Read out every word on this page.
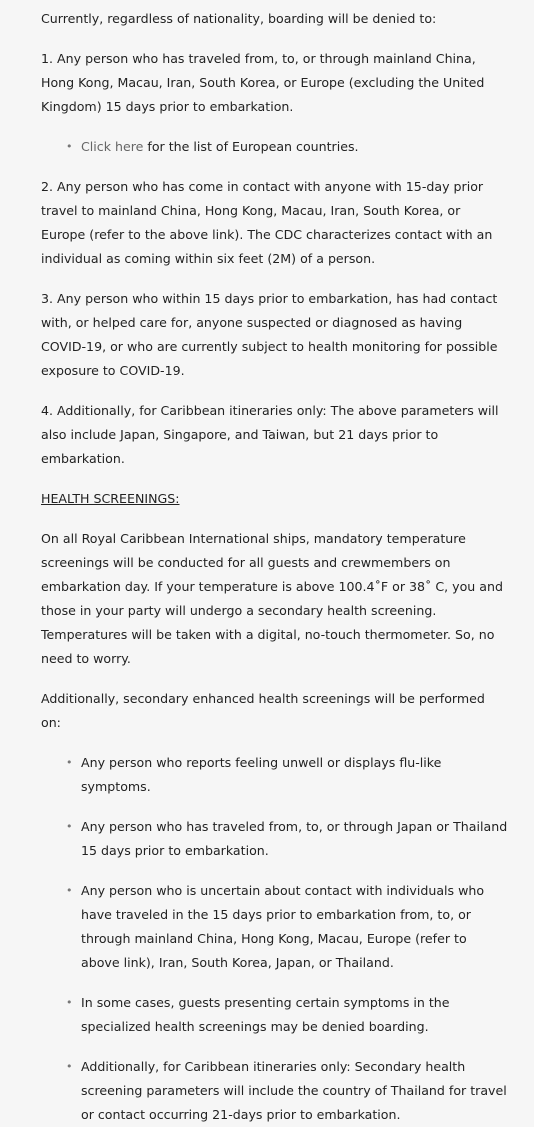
Currently, regardless of nationality, boarding will be denied to:

1. Any person who has traveled from, to, or through mainland China, Hong Kong, Macau, Iran, South Korea, or Europe (excluding the United Kingdom) 15 days prior to embarkation.

• Click here for the list of European countries.

2. Any person who has come in contact with anyone with 15-day prior travel to mainland China, Hong Kong, Macau, Iran, South Korea, or Europe (refer to the above link). The CDC characterizes contact with an individual as coming within six feet (2M) of a person.

3. Any person who within 15 days prior to embarkation, has had contact with, or helped care for, anyone suspected or diagnosed as having COVID-19, or who are currently subject to health monitoring for possible exposure to COVID-19.

4. Additionally, for Caribbean itineraries only: The above parameters will also include Japan, Singapore, and Taiwan, but 21 days prior to embarkation.

HEALTH SCREENINGS:

On all Royal Caribbean International ships, mandatory temperature screenings will be conducted for all guests and crewmembers on embarkation day. If your temperature is above 100.4˚F or 38˚ C, you and those in your party will undergo a secondary health screening. Temperatures will be taken with a digital, no-touch thermometer. So, no need to worry.

Additionally, secondary enhanced health screenings will be performed on:

• Any person who reports feeling unwell or displays flu-like symptoms.
• Any person who has traveled from, to, or through Japan or Thailand 15 days prior to embarkation.
• Any person who is uncertain about contact with individuals who have traveled in the 15 days prior to embarkation from, to, or through mainland China, Hong Kong, Macau, Europe (refer to above link), Iran, South Korea, Japan, or Thailand.
• In some cases, guests presenting certain symptoms in the specialized health screenings may be denied boarding.
• Additionally, for Caribbean itineraries only: Secondary health screening parameters will include the country of Thailand for travel or contact occurring 21-days prior to embarkation.
